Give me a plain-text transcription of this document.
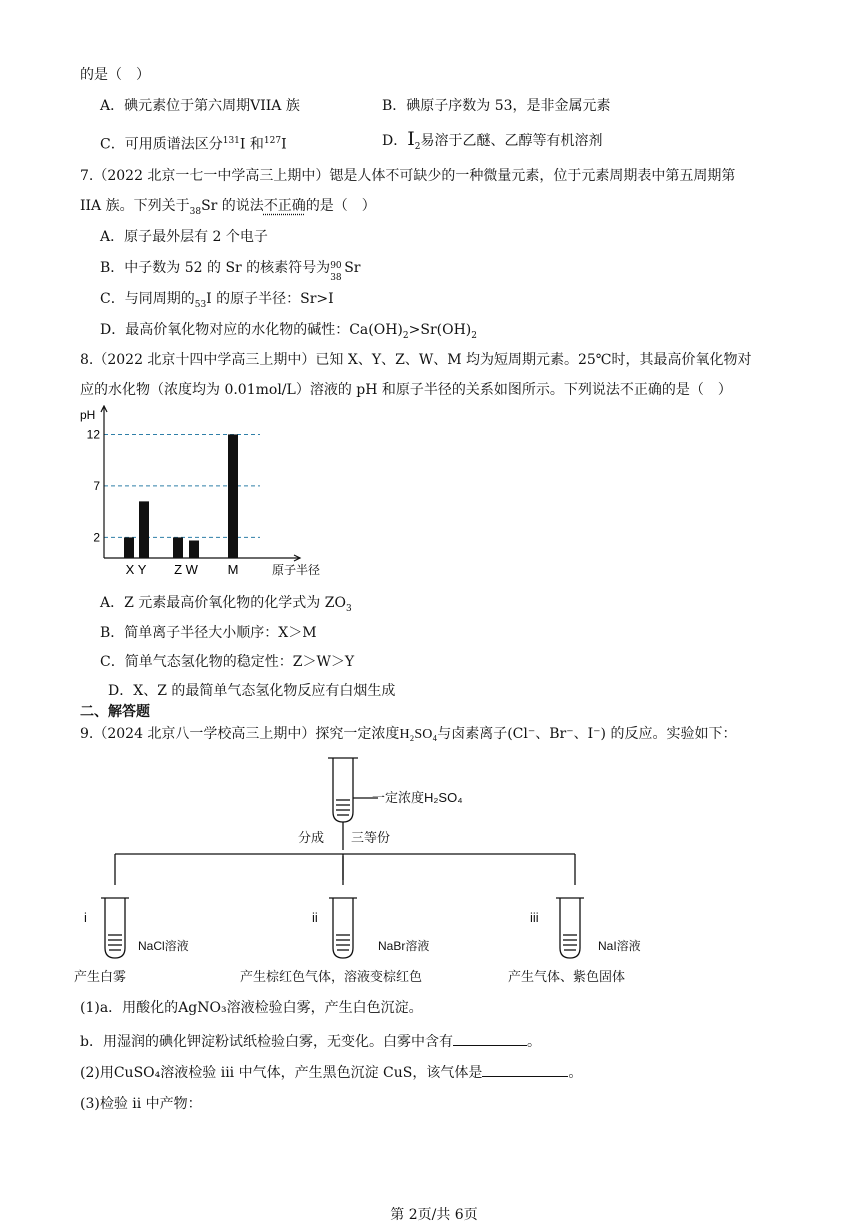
的是（　）
A．碘元素位于第六周期VIIA 族	B．碘原子序数为 53，是非金属元素
C．可用质谱法区分$^{131}$I 和$^{127}$I	D．$I_2$易溶于乙醚、乙醇等有机溶剂
7.（2022 北京一七一中学高三上期中）锶是人体不可缺少的一种微量元素，位于元素周期表中第五周期第
IIA 族。下列关于$_{38}$Sr 的说法不正确的是（　）
A．原子最外层有 2 个电子
B．中子数为 52 的 Sr 的核素符号为 90
38
Sr
C．与同周期的$_{53}$I 的原子半径：Sr>I
D．最高价氧化物对应的水化物的碱性：$Ca(OH)_2>Sr(OH)_2$
8.（2022 北京十四中学高三上期中）已知 X、Y、Z、W、M 均为短周期元素。25℃时，其最高价氧化物对
应的水化物（浓度均为 0.01mol/L）溶液的 pH 和原子半径的关系如图所示。下列说法不正确的是（　）
pH
2
7
12
X Y Z W M	原子半径
A．Z 元素最高价氧化物的化学式为 $ZO_3$
B．简单离子半径大小顺序：X＞M
C．简单气态氢化物的稳定性：Z＞W＞Y
D．X、Z 的最简单气态氢化物反应有白烟生成
二、解答题
9.（2024 北京八一学校高三上期中）探究一定浓度H₂SO₄与卤素离子(Cl⁻、Br⁻、I⁻) 的反应。实验如下：
一定浓度H₂SO₄
分成 三等份
i
NaCl溶液
产生白雾
ii
NaBr溶液
产生棕红色气体，溶液变棕红色
iii
NaI溶液
产生气体、紫色固体
(1)a．用酸化的AgNO₃溶液检验白雾，产生白色沉淀。
b．用湿润的碘化钾淀粉试纸检验白雾，无变化。白雾中含有	。
(2)用CuSO₄溶液检验 iii 中气体，产生黑色沉淀 CuS，该气体是	。
(3)检验 ii 中产物：
第 2页/共 6页
